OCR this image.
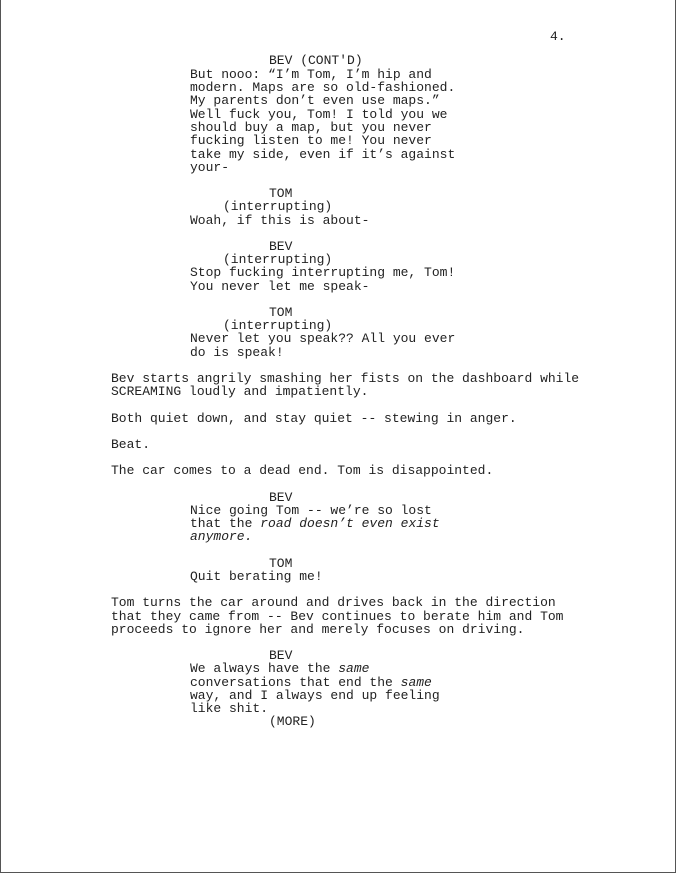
4.
BEV (CONT'D)
But nooo: “I’m Tom, I’m hip and
modern. Maps are so old-fashioned.
My parents don’t even use maps.”
Well fuck you, Tom! I told you we
should buy a map, but you never
fucking listen to me! You never
take my side, even if it’s against
your-
TOM
(interrupting)
Woah, if this is about-
BEV
(interrupting)
Stop fucking interrupting me, Tom!
You never let me speak-
TOM
(interrupting)
Never let you speak?? All you ever
do is speak!
Bev starts angrily smashing her fists on the dashboard while
SCREAMING loudly and impatiently.
Both quiet down, and stay quiet -- stewing in anger.
Beat.
The car comes to a dead end. Tom is disappointed.
BEV
Nice going Tom -- we’re so lost
that the road doesn’t even exist
anymore.
TOM
Quit berating me!
Tom turns the car around and drives back in the direction
that they came from -- Bev continues to berate him and Tom
proceeds to ignore her and merely focuses on driving.
BEV
We always have the same
conversations that end the same
way, and I always end up feeling
like shit.
(MORE)
